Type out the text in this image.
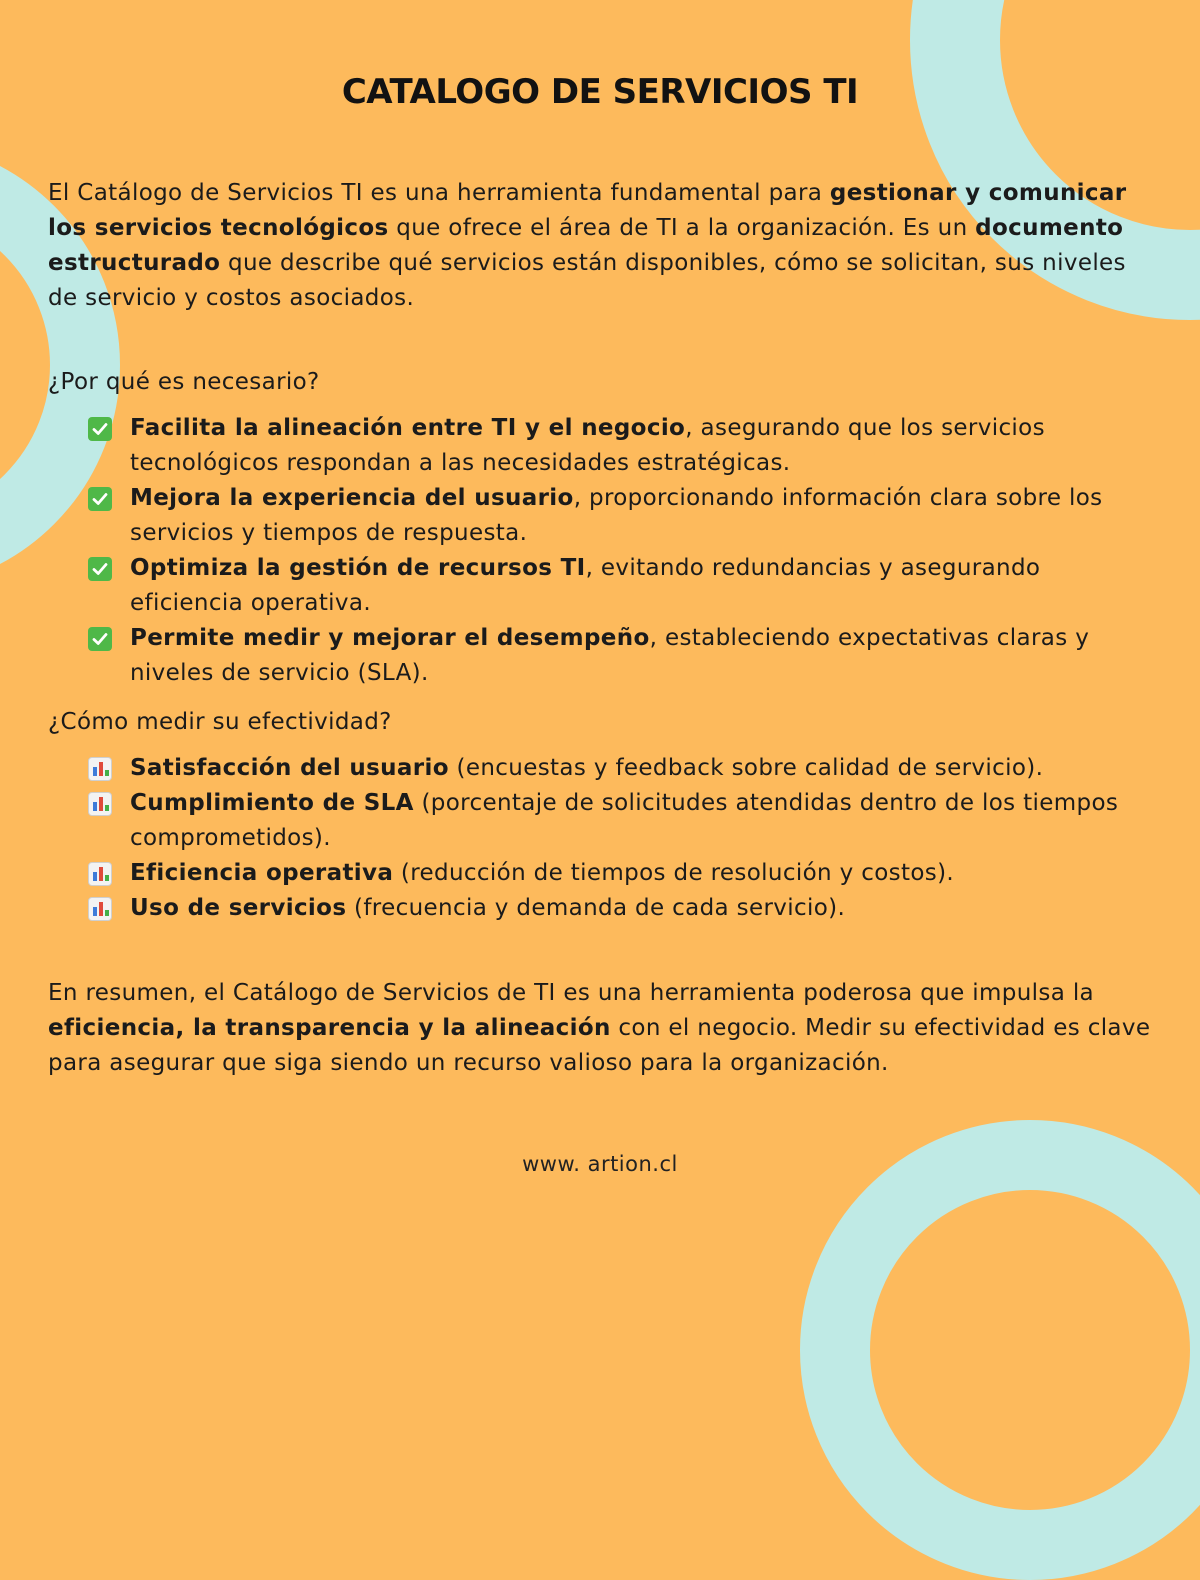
CATALOGO DE SERVICIOS TI

El Catálogo de Servicios TI es una herramienta fundamental para gestionar y comunicar los servicios tecnológicos que ofrece el área de TI a la organización. Es un documento estructurado que describe qué servicios están disponibles, cómo se solicitan, sus niveles de servicio y costos asociados.

¿Por qué es necesario?

Facilita la alineación entre TI y el negocio, asegurando que los servicios tecnológicos respondan a las necesidades estratégicas.
Mejora la experiencia del usuario, proporcionando información clara sobre los servicios y tiempos de respuesta.
Optimiza la gestión de recursos TI, evitando redundancias y asegurando eficiencia operativa.
Permite medir y mejorar el desempeño, estableciendo expectativas claras y niveles de servicio (SLA).

¿Cómo medir su efectividad?

Satisfacción del usuario (encuestas y feedback sobre calidad de servicio).
Cumplimiento de SLA (porcentaje de solicitudes atendidas dentro de los tiempos comprometidos).
Eficiencia operativa (reducción de tiempos de resolución y costos).
Uso de servicios (frecuencia y demanda de cada servicio).

En resumen, el Catálogo de Servicios de TI es una herramienta poderosa que impulsa la eficiencia, la transparencia y la alineación con el negocio. Medir su efectividad es clave para asegurar que siga siendo un recurso valioso para la organización.

www. artion.cl
